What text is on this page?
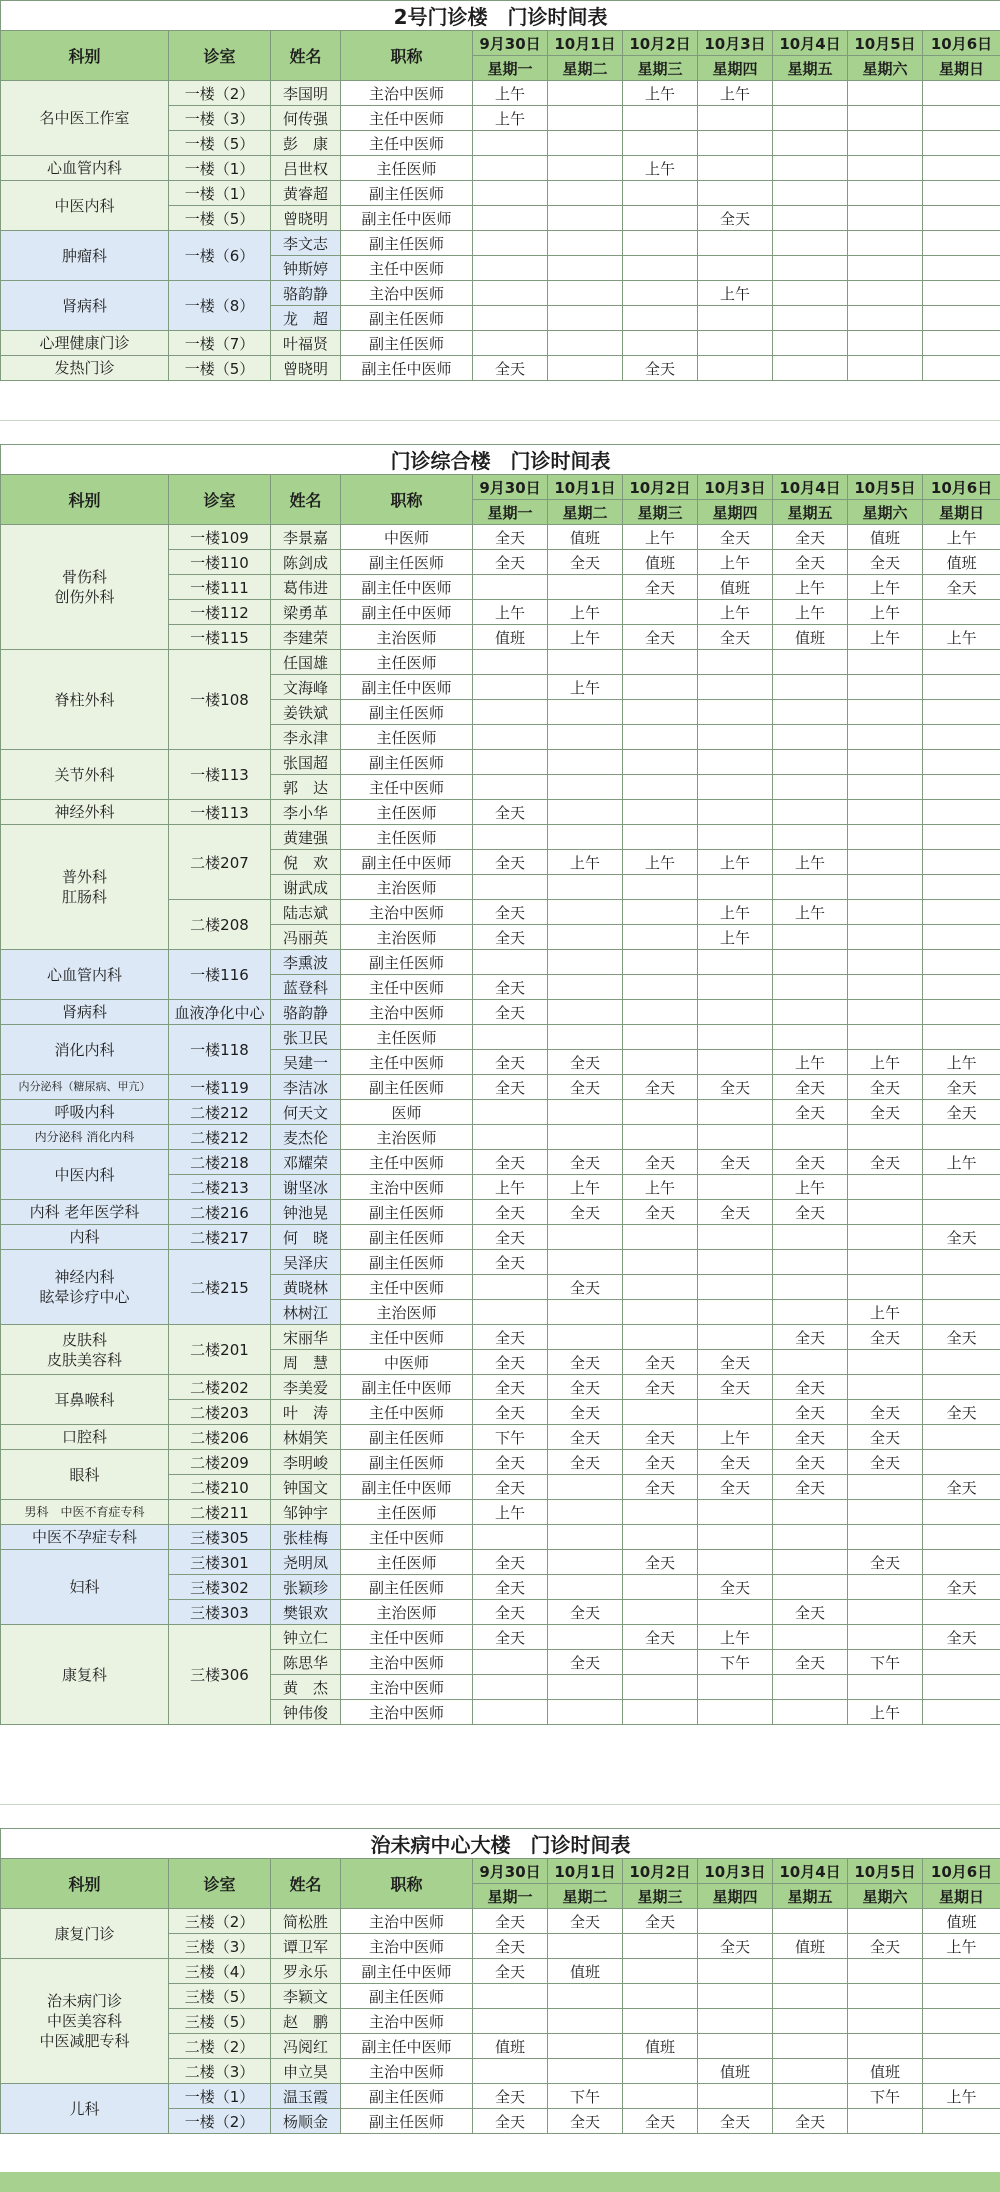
2号门诊楼　门诊时间表										
科别	诊室	姓名	职称	9月30日	10月1日	10月2日	10月3日	10月4日	10月5日	10月6日
				星期一	星期二	星期三	星期四	星期五	星期六	星期日
名中医工作室	一楼（2）	李国明	主治中医师	上午		上午	上午			
	一楼（3）	何传强	主任中医师	上午						
	一楼（5）	彭　康	主任中医师							
心血管内科	一楼（1）	吕世权	主任医师			上午				
中医内科	一楼（1）	黄睿超	副主任医师							
	一楼（5）	曾晓明	副主任中医师				全天			
肿瘤科	一楼（6）	李文志	副主任医师							
		钟斯婷	主任中医师							
肾病科	一楼（8）	骆韵静	主治中医师				上午			
		龙　超	副主任医师							
心理健康门诊	一楼（7）	叶福贤	副主任医师							
发热门诊	一楼（5）	曾晓明	副主任中医师	全天		全天				
门诊综合楼　门诊时间表										
科别	诊室	姓名	职称	9月30日	10月1日	10月2日	10月3日	10月4日	10月5日	10月6日
				星期一	星期二	星期三	星期四	星期五	星期六	星期日
骨伤科
创伤外科	一楼109	李景嘉	中医师	全天	值班	上午	全天	全天	值班	上午
	一楼110	陈剑成	副主任医师	全天	全天	值班	上午	全天	全天	值班
	一楼111	葛伟进	副主任中医师			全天	值班	上午	上午	全天
	一楼112	梁勇革	副主任中医师	上午	上午		上午	上午	上午	
	一楼115	李建荣	主治医师	值班	上午	全天	全天	值班	上午	上午
脊柱外科	一楼108	任国雄	主任医师							
		文海峰	副主任中医师		上午					
		姜铁斌	副主任医师							
		李永津	主任医师							
关节外科	一楼113	张国超	副主任医师							
		郭　达	主任中医师							
神经外科	一楼113	李小华	主任医师	全天						
普外科
肛肠科	二楼207	黄建强	主任医师							
		倪　欢	副主任中医师	全天	上午	上午	上午	上午		
		谢武成	主治医师							
	二楼208	陆志斌	主治中医师	全天			上午	上午		
		冯丽英	主治医师	全天			上午			
心血管内科	一楼116	李熏波	副主任医师							
		蓝登科	主任中医师	全天						
肾病科	血液净化中心	骆韵静	主治中医师	全天						
消化内科	一楼118	张卫民	主任医师							
		吴建一	主任中医师	全天	全天			上午	上午	上午
内分泌科（糖尿病、甲亢）	一楼119	李洁冰	副主任医师	全天	全天	全天	全天	全天	全天	全天
呼吸内科	二楼212	何天文	医师					全天	全天	全天
内分泌科 消化内科	二楼212	麦杰伦	主治医师							
中医内科	二楼218	邓耀荣	主任中医师	全天	全天	全天	全天	全天	全天	上午
	二楼213	谢坚冰	主治中医师	上午	上午	上午		上午		
内科 老年医学科	二楼216	钟池晃	副主任医师	全天	全天	全天	全天	全天		
内科	二楼217	何　晓	副主任医师	全天						全天
神经内科
眩晕诊疗中心	二楼215	吴泽庆	副主任医师	全天						
		黄晓林	主任中医师		全天					
		林树江	主治医师						上午	
皮肤科
皮肤美容科	二楼201	宋丽华	主任中医师	全天				全天	全天	全天
		周　慧	中医师	全天	全天	全天	全天			
耳鼻喉科	二楼202	李美爱	副主任中医师	全天	全天	全天	全天	全天		
	二楼203	叶　涛	主任中医师	全天	全天			全天	全天	全天
口腔科	二楼206	林娟笑	副主任医师	下午	全天	全天	上午	全天	全天	
眼科	二楼209	李明峻	副主任医师	全天	全天	全天	全天	全天	全天	
	二楼210	钟国文	副主任中医师	全天		全天	全天	全天		全天
男科　中医不育症专科	二楼211	邹钟宇	主任医师	上午						
中医不孕症专科	三楼305	张桂梅	主任中医师							
妇科	三楼301	尧明凤	主任医师	全天		全天			全天	
	三楼302	张颖珍	副主任医师	全天			全天			全天
	三楼303	樊银欢	主治医师	全天	全天			全天		
康复科	三楼306	钟立仁	主任中医师	全天		全天	上午			全天
		陈思华	主治中医师		全天		下午	全天	下午	
		黄　杰	主治中医师							
		钟伟俊	主治中医师						上午	
治未病中心大楼　门诊时间表										
科别	诊室	姓名	职称	9月30日	10月1日	10月2日	10月3日	10月4日	10月5日	10月6日
				星期一	星期二	星期三	星期四	星期五	星期六	星期日
康复门诊	三楼（2）	简松胜	主治中医师	全天	全天	全天				值班
	三楼（3）	谭卫军	主治中医师	全天			全天	值班	全天	上午
治未病门诊
中医美容科
中医减肥专科	三楼（4）	罗永乐	副主任中医师	全天	值班					
	三楼（5）	李颖文	副主任医师							
	三楼（5）	赵　鹏	主治中医师							
	二楼（2）	冯阅红	副主任中医师	值班		值班				
	二楼（3）	申立昊	主治中医师				值班		值班	
儿科	一楼（1）	温玉霞	副主任医师	全天	下午				下午	上午
	一楼（2）	杨顺金	副主任医师	全天	全天	全天	全天	全天		
